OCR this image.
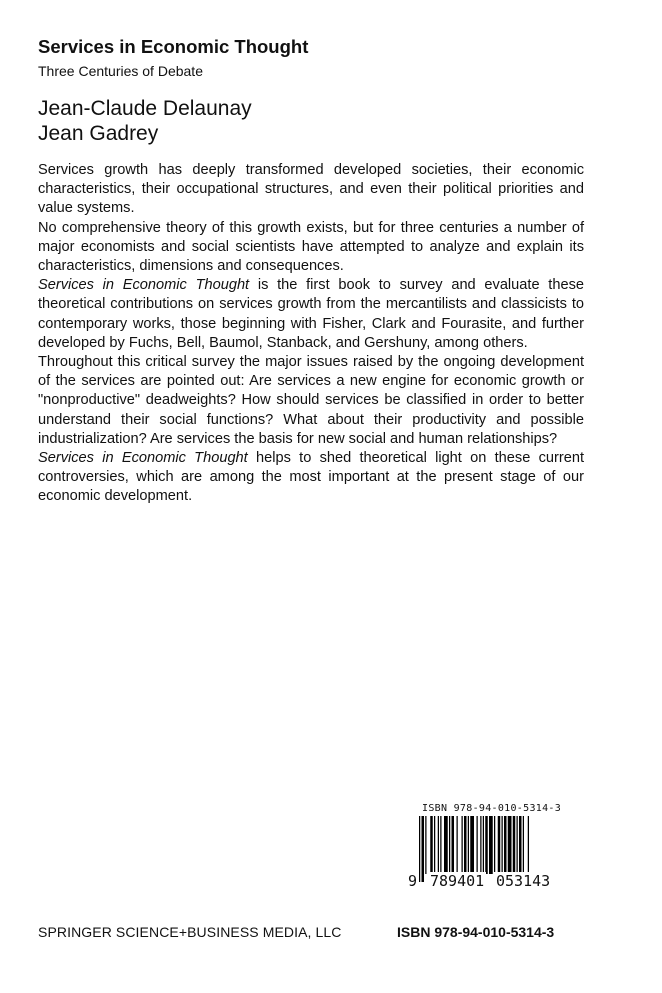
Services in Economic Thought
Three Centuries of Debate
Jean-Claude Delaunay
Jean Gadrey

Services growth has deeply transformed developed societies, their economic characteristics, their occupational structures, and even their political priorities and value systems.

No comprehensive theory of this growth exists, but for three centuries a number of major economists and social scientists have attempted to analyze and explain its characteristics, dimensions and consequences.

Services in Economic Thought is the first book to survey and evaluate these theoretical contributions on services growth from the mercantilists and classicists to contemporary works, those beginning with Fisher, Clark and Fourasite, and further developed by Fuchs, Bell, Baumol, Stanback, and Gershuny, among others.

Throughout this critical survey the major issues raised by the ongoing development of the services are pointed out: Are services a new engine for economic growth or "nonproductive" deadweights? How should services be classified in order to better understand their social functions? What about their productivity and possible industrialization? Are services the basis for new social and human relationships?

Services in Economic Thought helps to shed theoretical light on these current controversies, which are among the most important at the present stage of our economic development.

ISBN 978-94-010-5314-3
9 789401 053143
SPRINGER SCIENCE+BUSINESS MEDIA, LLC	ISBN 978-94-010-5314-3
